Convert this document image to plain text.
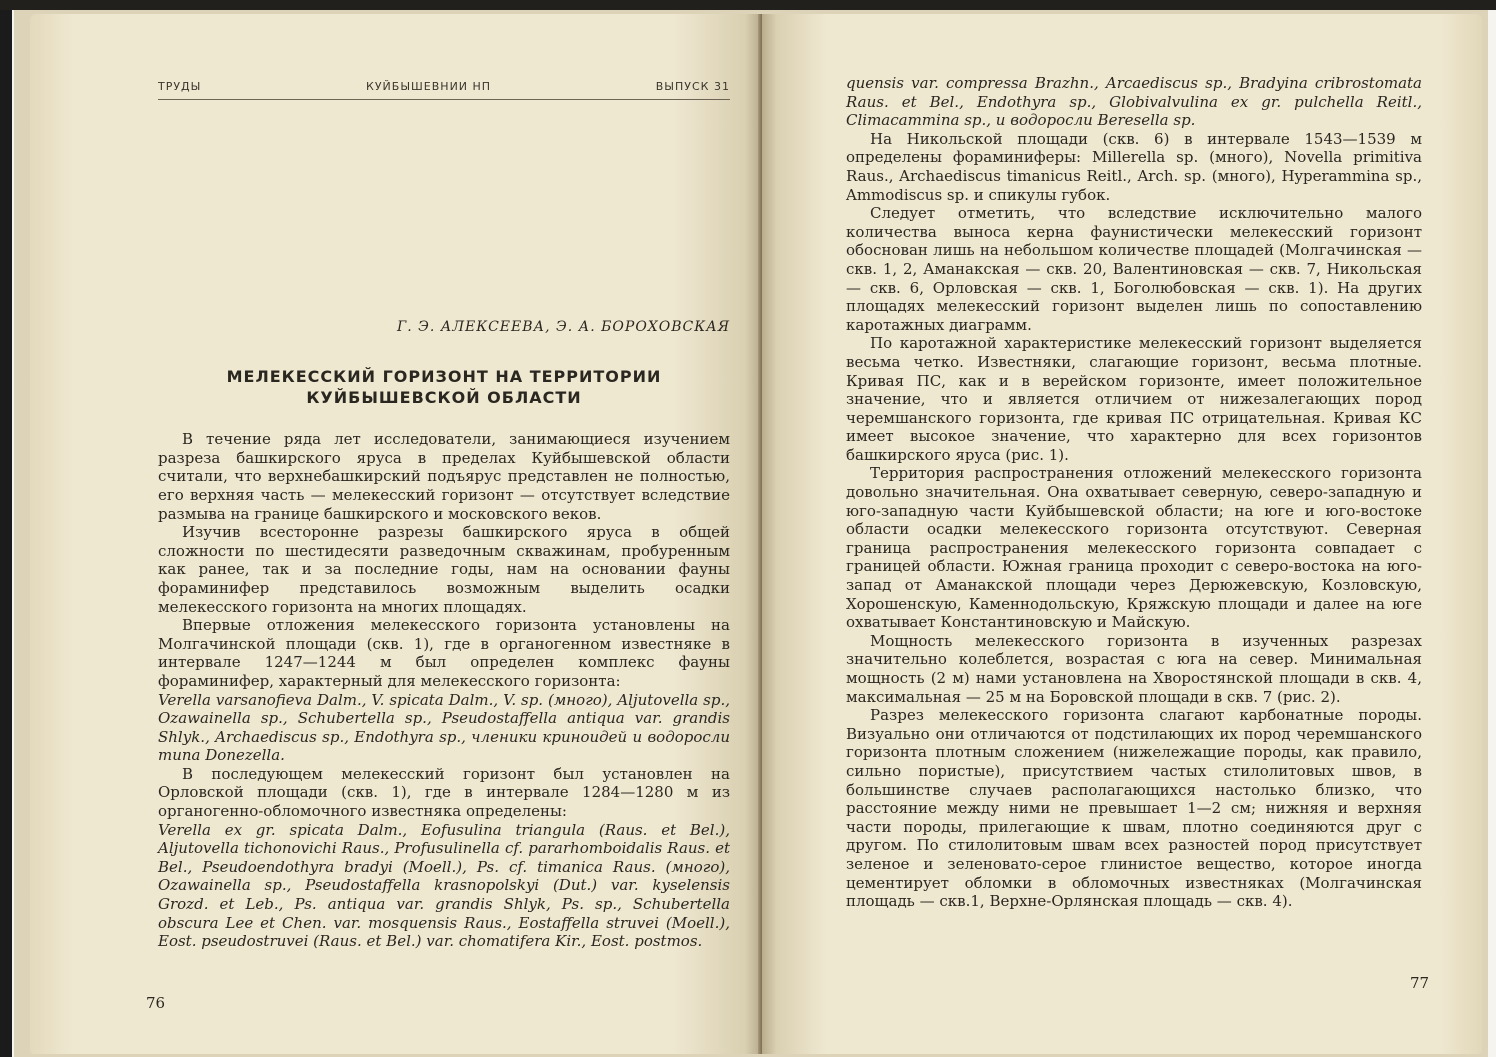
ТРУДЫ	КУЙБЫШЕВНИИ НП	ВЫПУСК 31
Г. Э. АЛЕКСЕЕВА, Э. А. БОРОХОВСКАЯ
МЕЛЕКЕССКИЙ ГОРИЗОНТ НА ТЕРРИТОРИИ
КУЙБЫШЕВСКОЙ ОБЛАСТИ

В течение ряда лет исследователи, занимающиеся изучением разреза башкирского яруса в пределах Куйбышевской области считали, что верхнебашкирский подъярус представлен не полностью, его верхняя часть — мелекесский горизонт — отсутствует вследствие размыва на границе башкирского и московского веков.

Изучив всесторонне разрезы башкирского яруса в общей сложности по шестидесяти разведочным скважинам, пробуренным как ранее, так и за последние годы, нам на основании фауны фораминифер представилось возможным выделить осадки мелекесского горизонта на многих площадях.

Впервые отложения мелекесского горизонта установлены на Молгачинской площади (скв. 1), где в органогенном известняке в интервале 1247—1244 м был определен комплекс фауны фораминифер, характерный для мелекесского горизонта:

Verella varsanofievа Dalm., V. spicata Dalm., V. sp. (много), Aljutovella sp., Ozawainella sp., Schubertella sp., Pseudostaffella antiqua var. grandis Shlyk., Archaediscus sp., Endothyra sp., членики криноидей и водоросли типа Donezella.

В последующем мелекесский горизонт был установлен на Орловской площади (скв. 1), где в интервале 1284—1280 м из органогенно-обломочного известняка определены:

Verella ex gr. spicata Dalm., Eofusulina triangula (Raus. et Bel.), Aljutovella tichonovichi Raus., Profusulinella cf. pararhomboidalis Raus. et Bel., Pseudoendothyra bradyi (Moell.), Ps. cf. timanica Raus. (много), Ozawainella sp., Pseudostaffella krasnopolskyi (Dut.) var. kyselensis Grozd. et Leb., Ps. antiqua var. grandis Shlyk, Ps. sp., Schubertella obscura Lee et Chen. var. mosquensis Raus., Eostaffella struvei (Moell.), Eost. pseudostruvei (Raus. et Bel.) var. chomatifera Kir., Eost. postmos.

76

quensis var. compressa Brazhn., Arcaediscus sp., Bradyina cribrostomata Raus. et Bel., Endothyra sp., Globivalvulina ex gr. pulchella Reitl., Climacammina sp., и водоросли Beresella sp.

На Никольской площади (скв. 6) в интервале 1543—1539 м определены фораминиферы: Millerella sp. (много), Novella primitiva Raus., Archaediscus timanicus Reitl., Arch. sp. (много), Hyperammina sp., Ammodiscus sp. и спикулы губок.

Следует отметить, что вследствие исключительно малого количества выноса керна фаунистически мелекесский горизонт обоснован лишь на небольшом количестве площадей (Молгачинская — скв. 1, 2, Аманакская — скв. 20, Валентиновская — скв. 7, Никольская — скв. 6, Орловская — скв. 1, Боголюбовская — скв. 1). На других площадях мелекесский горизонт выделен лишь по сопоставлению каротажных диаграмм.

По каротажной характеристике мелекесский горизонт выделяется весьма четко. Известняки, слагающие горизонт, весьма плотные. Кривая ПС, как и в верейском горизонте, имеет положительное значение, что и является отличием от нижезалегающих пород черемшанского горизонта, где кривая ПС отрицательная. Кривая КС имеет высокое значение, что характерно для всех горизонтов башкирского яруса (рис. 1).

Территория распространения отложений мелекесского горизонта довольно значительная. Она охватывает северную, северо-западную и юго-западную части Куйбышевской области; на юге и юго-востоке области осадки мелекесского горизонта отсутствуют. Северная граница распространения мелекесского горизонта совпадает с границей области. Южная граница проходит с северо-востока на юго-запад от Аманакской площади через Дерюжевскую, Козловскую, Хорошенскую, Каменнодольскую, Кряжскую площади и далее на юге охватывает Константиновскую и Майскую.

Мощность мелекесского горизонта в изученных разрезах значительно колеблется, возрастая с юга на север. Минимальная мощность (2 м) нами установлена на Хворостянской площади в скв. 4, максимальная — 25 м на Боровской площади в скв. 7 (рис. 2).

Разрез мелекесского горизонта слагают карбонатные породы. Визуально они отличаются от подстилающих их пород черемшанского горизонта плотным сложением (нижележащие породы, как правило, сильно пористые), присутствием частых стилолитовых швов, в большинстве случаев располагающихся настолько близко, что расстояние между ними не превышает 1—2 см; нижняя и верхняя части породы, прилегающие к швам, плотно соединяются друг с другом. По стилолитовым швам всех разностей пород присутствует зеленое и зеленовато-серое глинистое вещество, которое иногда цементирует обломки в обломочных известняках (Молгачинская площадь — скв.1, Верхне-Орлянская площадь — скв. 4).

77
